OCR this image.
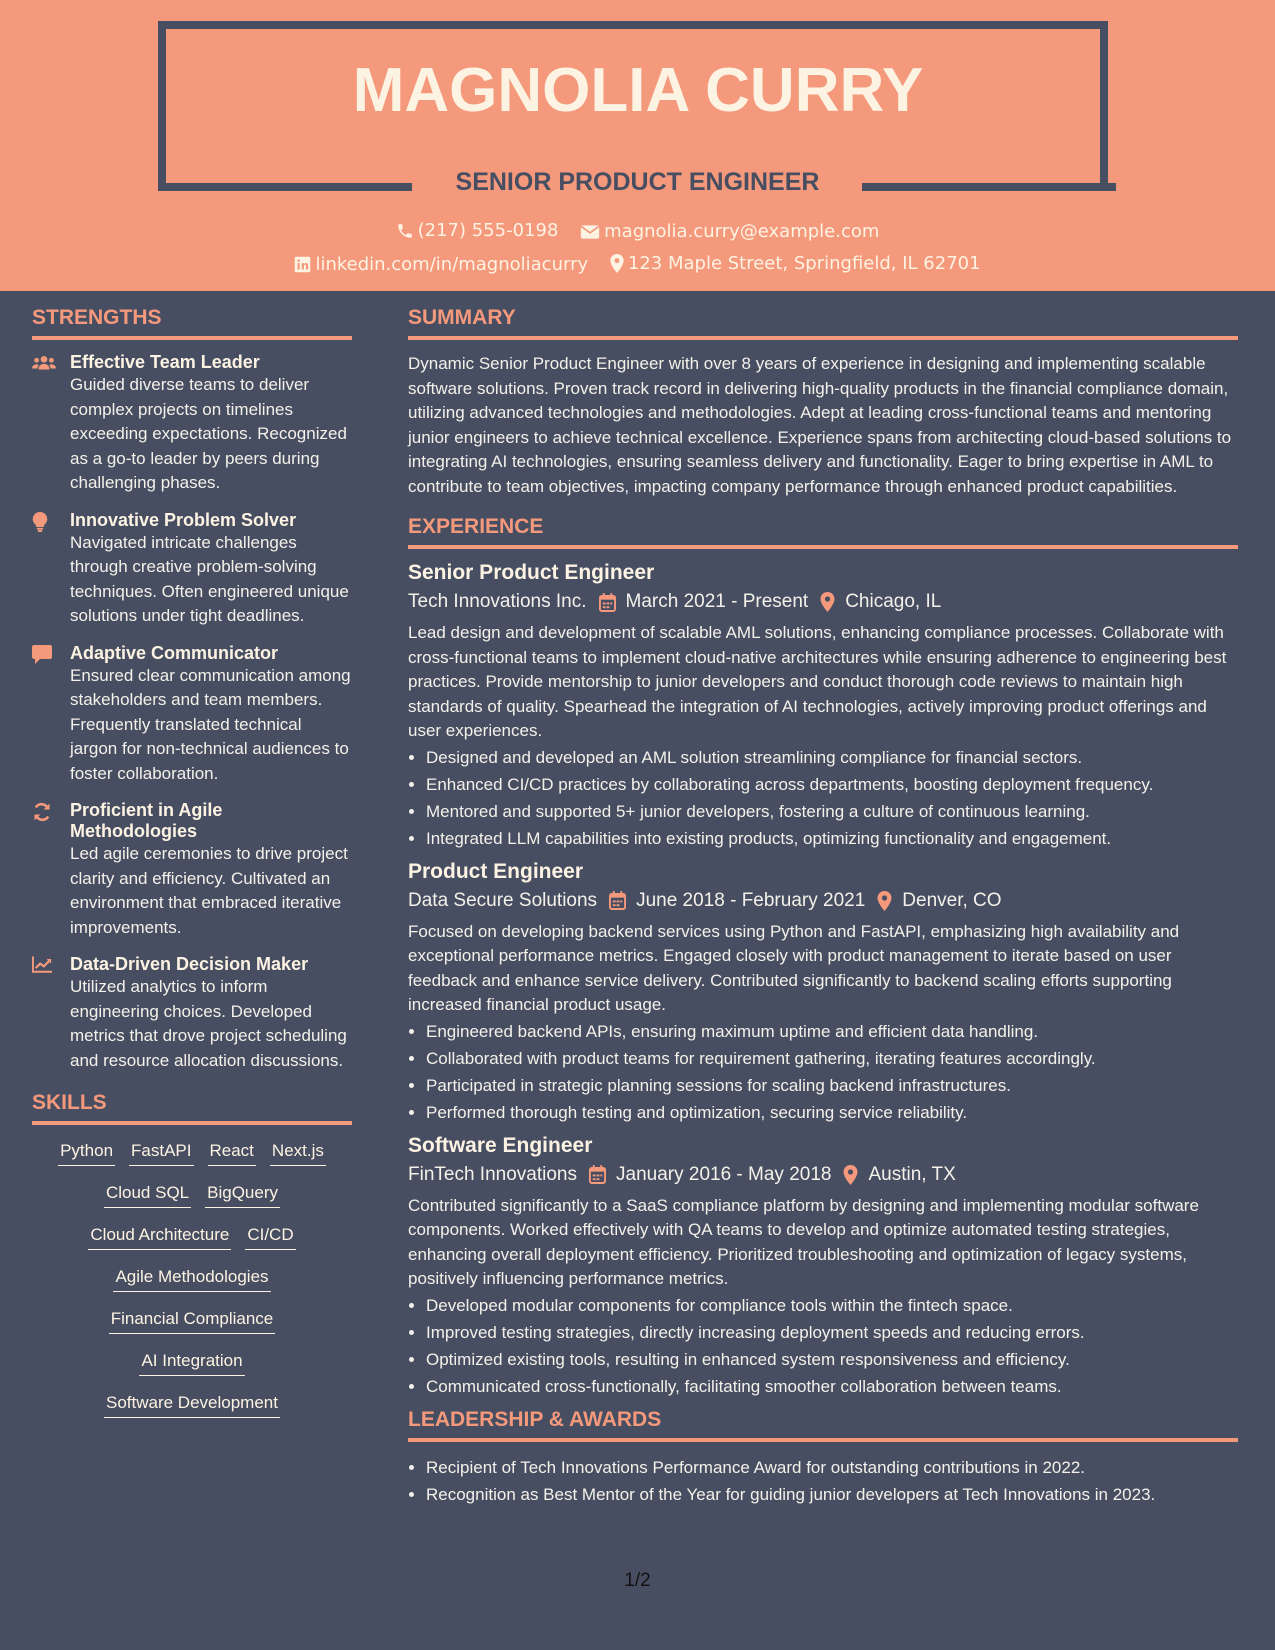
MAGNOLIA CURRY
SENIOR PRODUCT ENGINEER
(217) 555-0198
	magnolia.curry@example.com
linkedin.com/in/magnoliacurry
123 Maple Street, Springfield, IL 62701
STRENGTHS
Effective Team Leader
Guided diverse teams to deliver complex projects on timelines exceeding expectations. Recognized as a go-to leader by peers during challenging phases.
Innovative Problem Solver
Navigated intricate challenges through creative problem-solving techniques. Often engineered unique solutions under tight deadlines.
Adaptive Communicator
Ensured clear communication among stakeholders and team members. Frequently translated technical jargon for non-technical audiences to foster collaboration.
Proficient in Agile Methodologies
Led agile ceremonies to drive project clarity and efficiency. Cultivated an environment that embraced iterative improvements.
Data-Driven Decision Maker
Utilized analytics to inform engineering choices. Developed metrics that drove project scheduling and resource allocation discussions.
SKILLS
Python FastAPI React Next.js
Cloud SQL BigQuery
Cloud Architecture CI/CD
Agile Methodologies
Financial Compliance
AI Integration
Software Development
SUMMARY
Dynamic Senior Product Engineer with over 8 years of experience in designing and implementing scalable software solutions. Proven track record in delivering high-quality products in the financial compliance domain, utilizing advanced technologies and methodologies. Adept at leading cross-functional teams and mentoring junior engineers to achieve technical excellence. Experience spans from architecting cloud-based solutions to integrating AI technologies, ensuring seamless delivery and functionality. Eager to bring expertise in AML to contribute to team objectives, impacting company performance through enhanced product capabilities.
EXPERIENCE
Senior Product Engineer
Tech Innovations Inc. March 2021 - Present Chicago, IL
Lead design and development of scalable AML solutions, enhancing compliance processes. Collaborate with cross-functional teams to implement cloud-native architectures while ensuring adherence to engineering best practices. Provide mentorship to junior developers and conduct thorough code reviews to maintain high standards of quality. Spearhead the integration of AI technologies, actively improving product offerings and user experiences.
• Designed and developed an AML solution streamlining compliance for financial sectors.
• Enhanced CI/CD practices by collaborating across departments, boosting deployment frequency.
• Mentored and supported 5+ junior developers, fostering a culture of continuous learning.
• Integrated LLM capabilities into existing products, optimizing functionality and engagement.
Product Engineer
Data Secure Solutions June 2018 - February 2021 Denver, CO
Focused on developing backend services using Python and FastAPI, emphasizing high availability and exceptional performance metrics. Engaged closely with product management to iterate based on user feedback and enhance service delivery. Contributed significantly to backend scaling efforts supporting increased financial product usage.
• Engineered backend APIs, ensuring maximum uptime and efficient data handling.
• Collaborated with product teams for requirement gathering, iterating features accordingly.
• Participated in strategic planning sessions for scaling backend infrastructures.
• Performed thorough testing and optimization, securing service reliability.
Software Engineer
FinTech Innovations January 2016 - May 2018 Austin, TX
Contributed significantly to a SaaS compliance platform by designing and implementing modular software components. Worked effectively with QA teams to develop and optimize automated testing strategies, enhancing overall deployment efficiency. Prioritized troubleshooting and optimization of legacy systems, positively influencing performance metrics.
• Developed modular components for compliance tools within the fintech space.
• Improved testing strategies, directly increasing deployment speeds and reducing errors.
• Optimized existing tools, resulting in enhanced system responsiveness and efficiency.
• Communicated cross-functionally, facilitating smoother collaboration between teams.
LEADERSHIP & AWARDS
• Recipient of Tech Innovations Performance Award for outstanding contributions in 2022.
• Recognition as Best Mentor of the Year for guiding junior developers at Tech Innovations in 2023.
1/2
